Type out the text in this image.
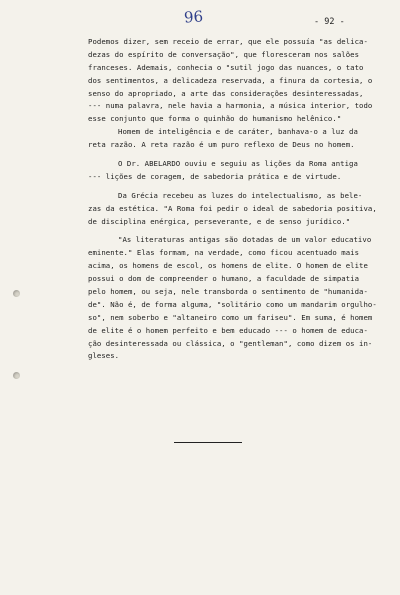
96	- 92 -
Podemos dizer, sem receio de errar, que ele possuía "as delica-
dezas do espírito de conversação", que floresceram nos salões
franceses. Ademais, conhecia o "sutil jogo das nuances, o tato
dos sentimentos, a delicadeza reservada, a finura da cortesia, o
senso do apropriado, a arte das considerações desinteressadas,
--- numa palavra, nele havia a harmonia, a música interior, todo
esse conjunto que forma o quinhão do humanismo helênico."
Homem de inteligência e de caráter, banhava-o a luz da
reta razão. A reta razão é um puro reflexo de Deus no homem.
O Dr. ABELARDO ouviu e seguiu as lições da Roma antiga
--- lições de coragem, de sabedoria prática e de virtude.
Da Grécia recebeu as luzes do intelectualismo, as bele-
zas da estética. "A Roma foi pedir o ideal de sabedoria positiva,
de disciplina enérgica, perseverante, e de senso jurídico."
"As literaturas antigas são dotadas de um valor educativo
eminente." Elas formam, na verdade, como ficou acentuado mais
acima, os homens de escol, os homens de elite. O homem de elite
possui o dom de compreender o humano, a faculdade de simpatia
pelo homem, ou seja, nele transborda o sentimento de "humanida-
de". Não é, de forma alguma, "solitário como um mandarim orgulho-
so", nem soberbo e "altaneiro como um fariseu". Em suma, é homem
de elite é o homem perfeito e bem educado --- o homem de educa-
ção desinteressada ou clássica, o "gentleman", como dizem os in-
gleses.
